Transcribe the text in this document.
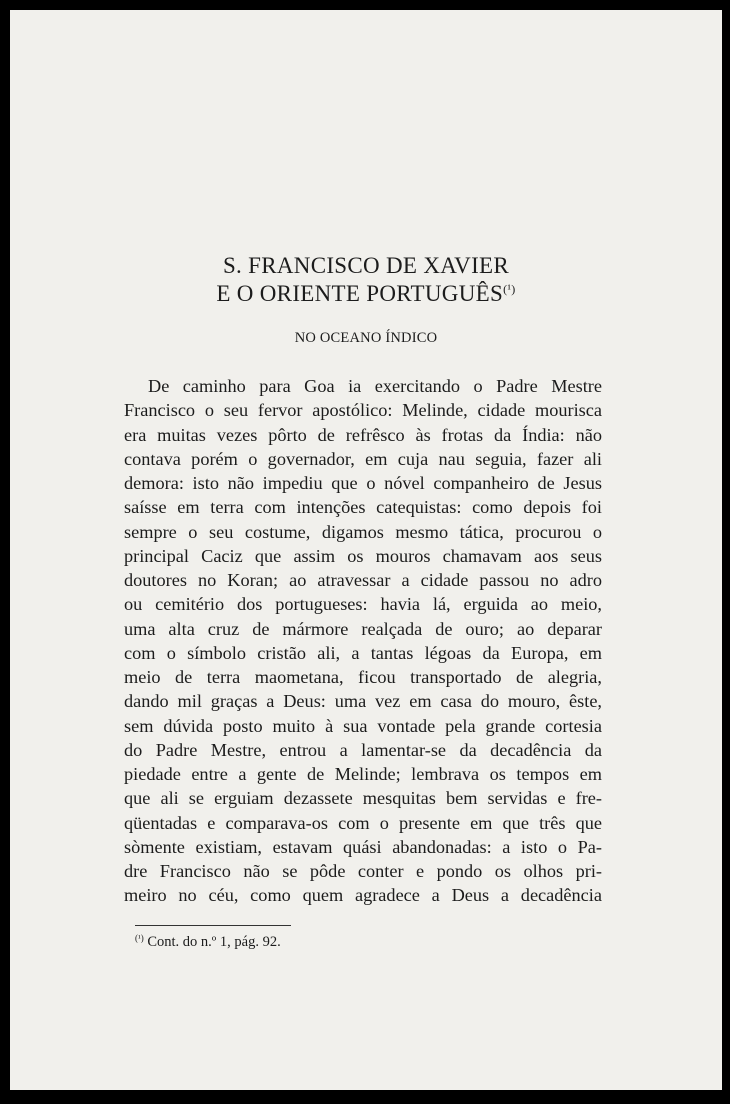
S. FRANCISCO DE XAVIER
E O ORIENTE $PORTUGUÊS^{(^1)}$
NO OCEANO ÍNDICO
De caminho para Goa ia exercitando o Padre Mestre
Francisco o seu fervor apostólico: Melinde, cidade mourisca
era muitas vezes pôrto de refrêsco às frotas da Índia: não
contava porém o governador, em cuja nau seguia, fazer ali
demora: isto não impediu que o nóvel companheiro de Jesus
saísse em terra com intenções catequistas: como depois foi
sempre o seu costume, digamos mesmo tática, procurou o
principal Caciz que assim os mouros chamavam aos seus
doutores no Koran; ao atravessar a cidade passou no adro
ou cemitério dos portugueses: havia lá, erguida ao meio,
uma alta cruz de mármore realçada de ouro; ao deparar
com o símbolo cristão ali, a tantas légoas da Europa, em
meio de terra maometana, ficou transportado de alegria,
dando mil graças a Deus: uma vez em casa do mouro, êste,
sem dúvida posto muito à sua vontade pela grande cortesia
do Padre Mestre, entrou a lamentar-se da decadência da
piedade entre a gente de Melinde; lembrava os tempos em
que ali se erguiam dezassete mesquitas bem servidas e fre-
qüentadas e comparava-os com o presente em que três que
sòmente existiam, estavam quási abandonadas: a isto o Pa-
dre Francisco não se pôde conter e pondo os olhos pri-
meiro no céu, como quem agradece a Deus a decadência
$^{(^1)}$ Cont. do n.º 1, pág. 92.
